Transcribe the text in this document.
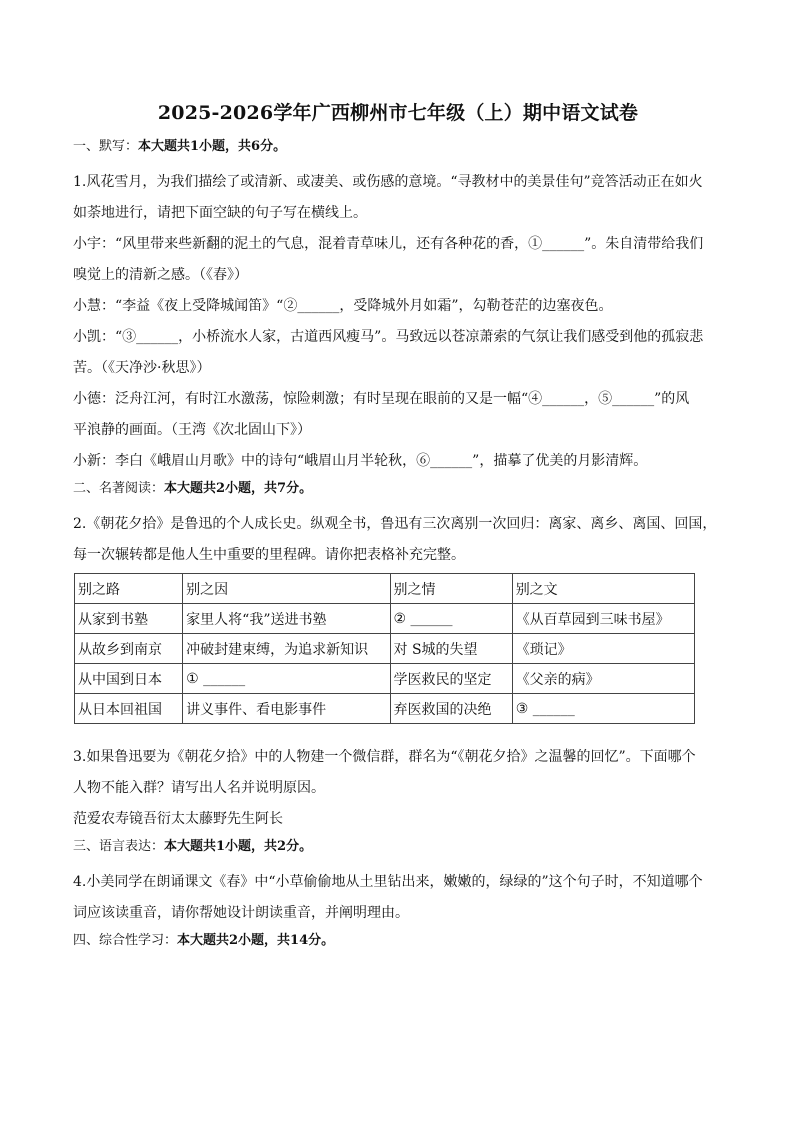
2025-2026学年广西柳州市七年级（上）期中语文试卷
一、默写：本大题共1小题，共6分。

1.风花雪月，为我们描绘了或清新、或凄美、或伤感的意境。“寻教材中的美景佳句”竞答活动正在如火

如荼地进行，请把下面空缺的句子写在横线上。

小宇：“风里带来些新翻的泥土的气息，混着青草味儿，还有各种花的香，①______”。朱自清带给我们

嗅觉上的清新之感。（《春》）

小慧：“李益《夜上受降城闻笛》“②______，受降城外月如霜”，勾勒苍茫的边塞夜色。

小凯：“③______，小桥流水人家，古道西风瘦马”。马致远以苍凉萧索的气氛让我们感受到他的孤寂悲

苦。（《天净沙·秋思》）

小德：泛舟江河，有时江水激荡，惊险刺激；有时呈现在眼前的又是一幅“④______，⑤______”的风

平浪静的画面。（王湾《次北固山下》）

小新：李白《峨眉山月歌》中的诗句“峨眉山月半轮秋，⑥______”，描摹了优美的月影清辉。

二、名著阅读：本大题共2小题，共7分。

2.《朝花夕拾》是鲁迅的个人成长史。纵观全书，鲁迅有三次离别一次回归：离家、离乡、离国、回国，

每一次辗转都是他人生中重要的里程碑。请你把表格补充完整。

别之路	别之因	别之情	别之文
从家到书塾	家里人将“我”送进书塾	② ______	《从百草园到三味书屋》
从故乡到南京	冲破封建束缚，为追求新知识	对 S城的失望	《琐记》
从中国到日本	① ______	学医救民的坚定	《父亲的病》
从日本回祖国	讲义事件、看电影事件	弃医救国的决绝	③ ______

3.如果鲁迅要为《朝花夕拾》中的人物建一个微信群，群名为“《朝花夕拾》之温馨的回忆”。下面哪个

人物不能入群？请写出人名并说明原因。

范爱农寿镜吾衍太太藤野先生阿长

三、语言表达：本大题共1小题，共2分。

4.小美同学在朗诵课文《春》中“小草偷偷地从土里钻出来，嫩嫩的，绿绿的”这个句子时，不知道哪个

词应该读重音，请你帮她设计朗读重音，并阐明理由。

四、综合性学习：本大题共2小题，共14分。
